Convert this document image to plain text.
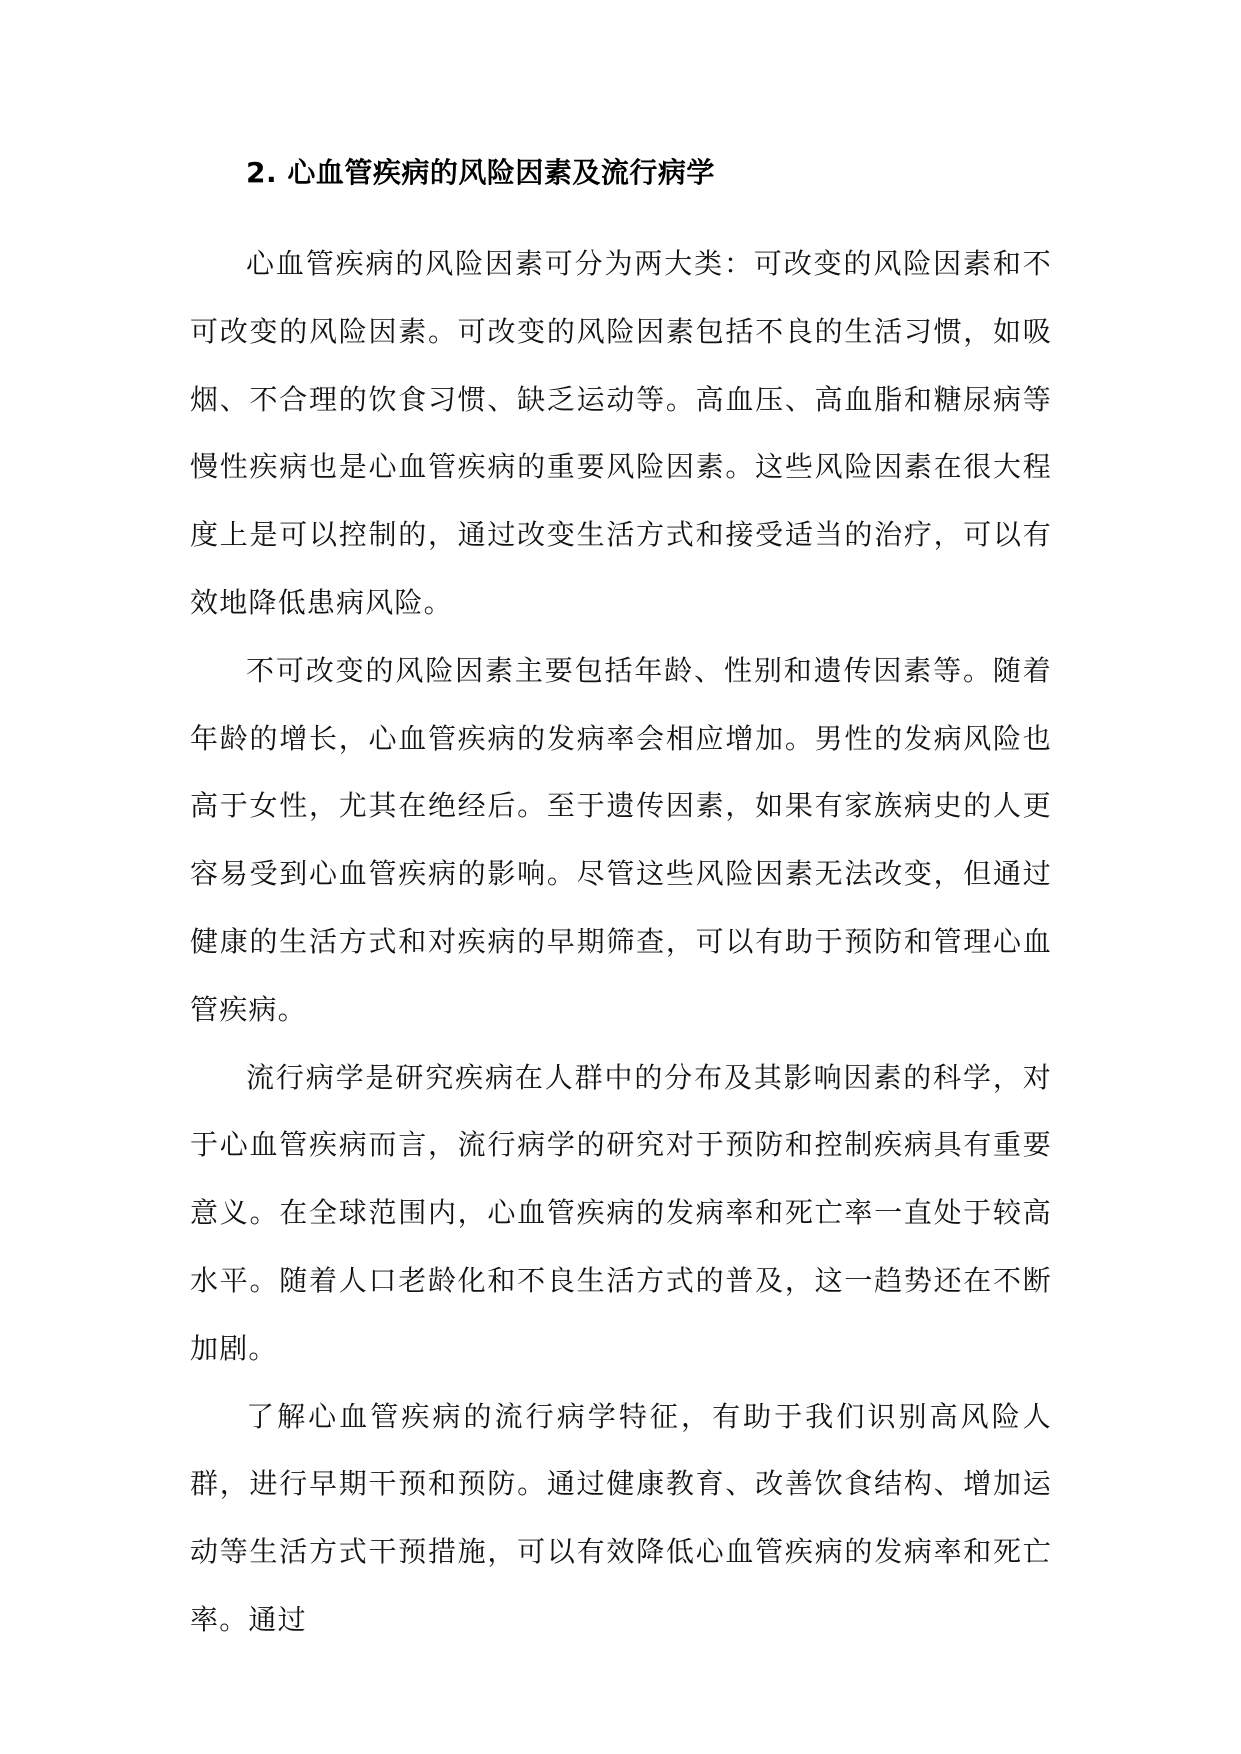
2. 心血管疾病的风险因素及流行病学

心血管疾病的风险因素可分为两大类：可改变的风险因素和不可改变的风险因素。可改变的风险因素包括不良的生活习惯，如吸烟、不合理的饮食习惯、缺乏运动等。高血压、高血脂和糖尿病等慢性疾病也是心血管疾病的重要风险因素。这些风险因素在很大程度上是可以控制的，通过改变生活方式和接受适当的治疗，可以有效地降低患病风险。

不可改变的风险因素主要包括年龄、性别和遗传因素等。随着年龄的增长，心血管疾病的发病率会相应增加。男性的发病风险也高于女性，尤其在绝经后。至于遗传因素，如果有家族病史的人更容易受到心血管疾病的影响。尽管这些风险因素无法改变，但通过健康的生活方式和对疾病的早期筛查，可以有助于预防和管理心血管疾病。

流行病学是研究疾病在人群中的分布及其影响因素的科学，对于心血管疾病而言，流行病学的研究对于预防和控制疾病具有重要意义。在全球范围内，心血管疾病的发病率和死亡率一直处于较高水平。随着人口老龄化和不良生活方式的普及，这一趋势还在不断加剧。

了解心血管疾病的流行病学特征，有助于我们识别高风险人群，进行早期干预和预防。通过健康教育、改善饮食结构、增加运动等生活方式干预措施，可以有效降低心血管疾病的发病率和死亡率。通过
